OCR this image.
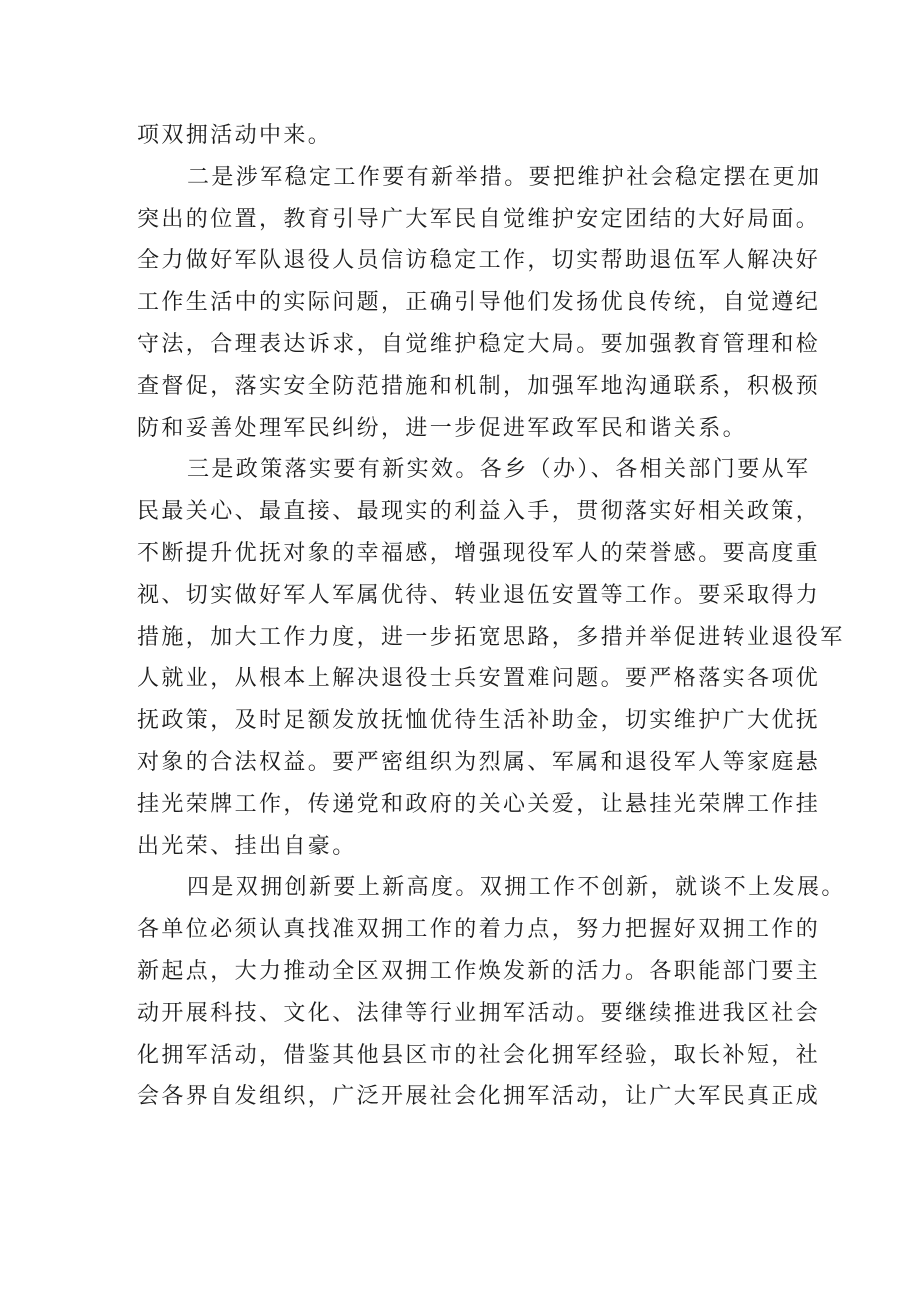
项双拥活动中来。

二是涉军稳定工作要有新举措。要把维护社会稳定摆在更加

突出的位置，教育引导广大军民自觉维护安定团结的大好局面。

全力做好军队退役人员信访稳定工作，切实帮助退伍军人解决好

工作生活中的实际问题，正确引导他们发扬优良传统，自觉遵纪

守法，合理表达诉求，自觉维护稳定大局。要加强教育管理和检

查督促，落实安全防范措施和机制，加强军地沟通联系，积极预

防和妥善处理军民纠纷，进一步促进军政军民和谐关系。

三是政策落实要有新实效。各乡（办）、各相关部门要从军

民最关心、最直接、最现实的利益入手，贯彻落实好相关政策，

不断提升优抚对象的幸福感，增强现役军人的荣誉感。要高度重

视、切实做好军人军属优待、转业退伍安置等工作。要采取得力

措施，加大工作力度，进一步拓宽思路，多措并举促进转业退役军

人就业，从根本上解决退役士兵安置难问题。要严格落实各项优

抚政策，及时足额发放抚恤优待生活补助金，切实维护广大优抚

对象的合法权益。要严密组织为烈属、军属和退役军人等家庭悬

挂光荣牌工作，传递党和政府的关心关爱，让悬挂光荣牌工作挂

出光荣、挂出自豪。

四是双拥创新要上新高度。双拥工作不创新，就谈不上发展。

各单位必须认真找准双拥工作的着力点，努力把握好双拥工作的

新起点，大力推动全区双拥工作焕发新的活力。各职能部门要主

动开展科技、文化、法律等行业拥军活动。要继续推进我区社会

化拥军活动，借鉴其他县区市的社会化拥军经验，取长补短，社

会各界自发组织，广泛开展社会化拥军活动，让广大军民真正成
